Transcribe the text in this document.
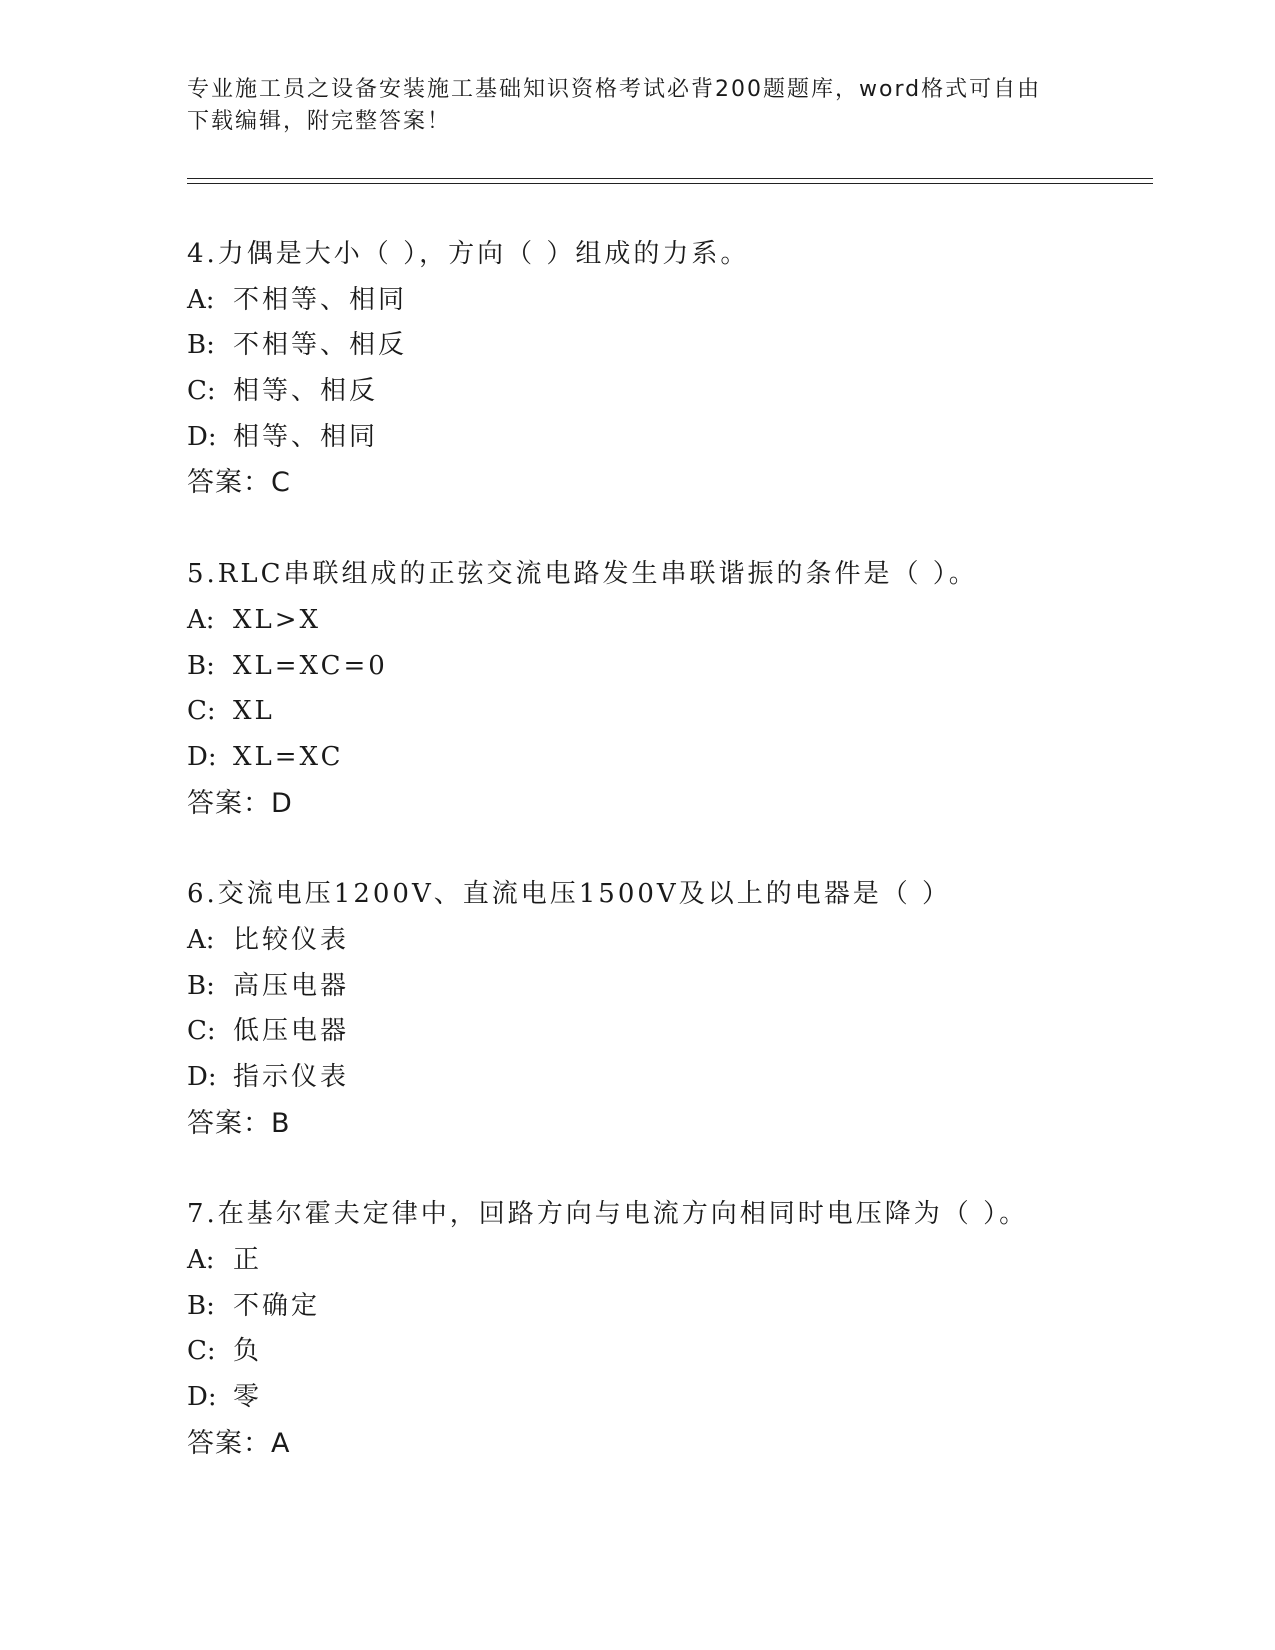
专业施工员之设备安装施工基础知识资格考试必背200题题库，word格式可自由
下载编辑，附完整答案！
4.力偶是大小（ ），方向（ ）组成的力系。
A: 不相等、相同
B: 不相等、相反
C: 相等、相反
D: 相等、相同
答案：C
5.RLC串联组成的正弦交流电路发生串联谐振的条件是（ ）。
A: XL>X
B: XL=XC=0
C: XL
D: XL=XC
答案：D
6.交流电压1200V、直流电压1500V及以上的电器是（ ）
A: 比较仪表
B: 高压电器
C: 低压电器
D: 指示仪表
答案：B
7.在基尔霍夫定律中，回路方向与电流方向相同时电压降为（ ）。
A: 正
B: 不确定
C: 负
D: 零
答案：A
